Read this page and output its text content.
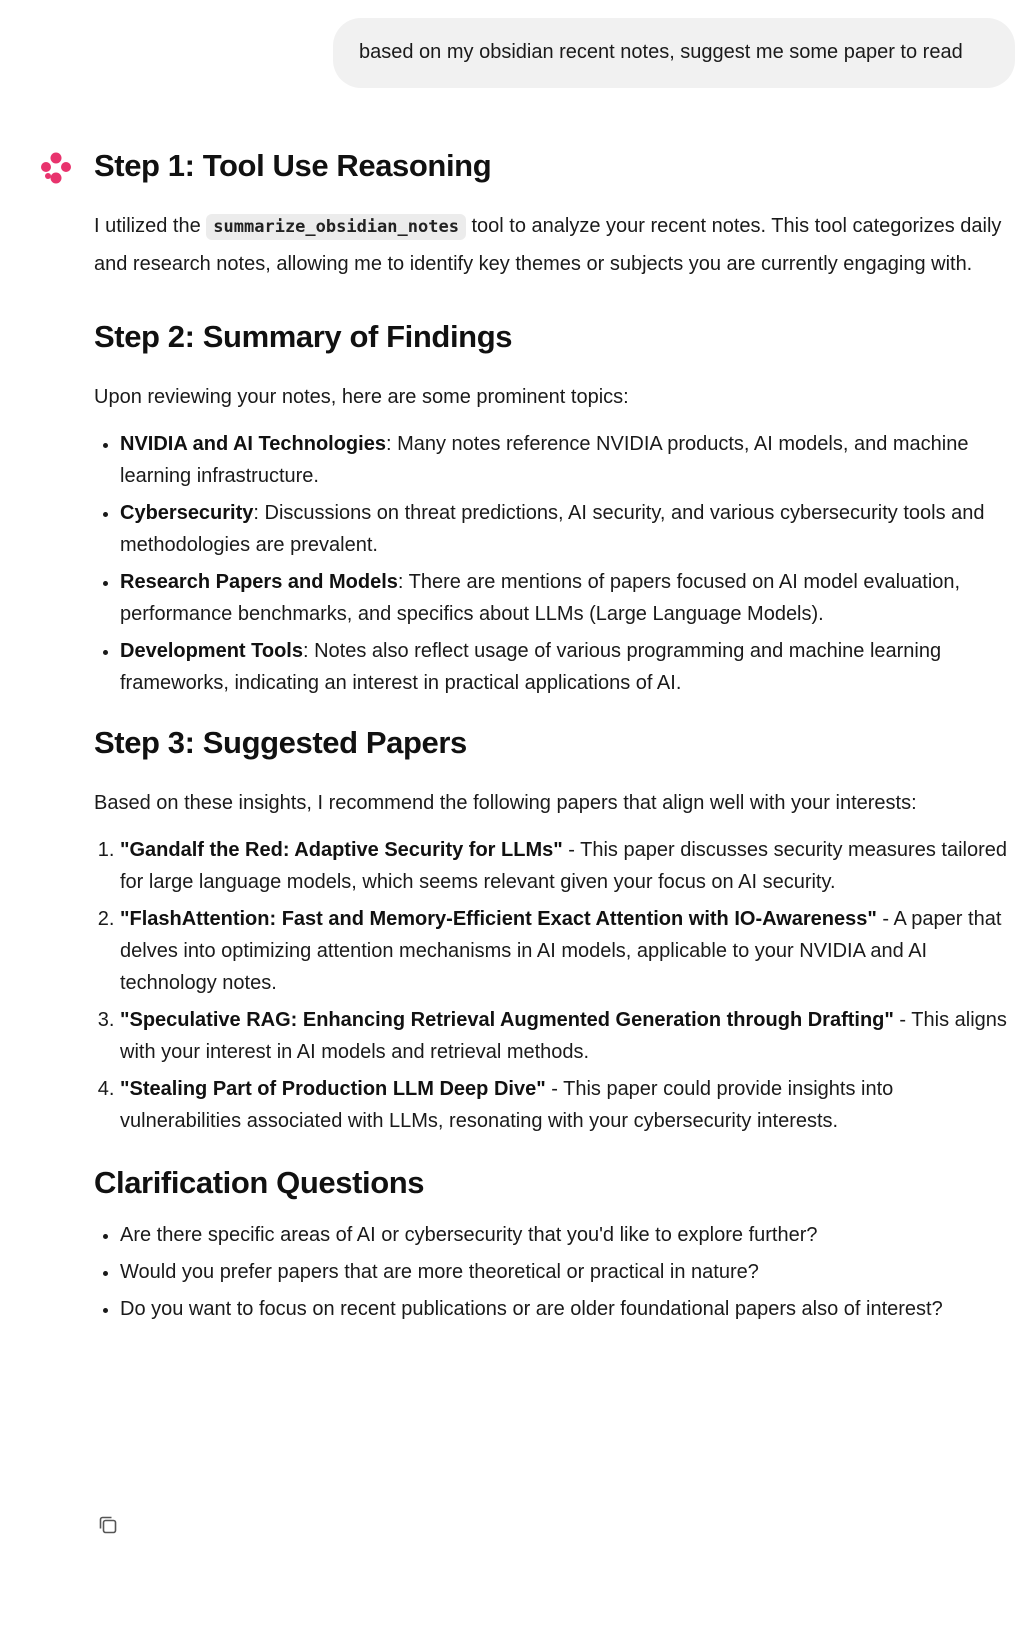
based on my obsidian recent notes, suggest me some paper to read
Step 1: Tool Use Reasoning

I utilized the summarize_obsidian_notes tool to analyze your recent notes. This tool categorizes daily and research notes, allowing me to identify key themes or subjects you are currently engaging with.

Step 2: Summary of Findings

Upon reviewing your notes, here are some prominent topics:

• NVIDIA and AI Technologies: Many notes reference NVIDIA products, AI models, and machine learning infrastructure.
• Cybersecurity: Discussions on threat predictions, AI security, and various cybersecurity tools and methodologies are prevalent.
• Research Papers and Models: There are mentions of papers focused on AI model evaluation, performance benchmarks, and specifics about LLMs (Large Language Models).
• Development Tools: Notes also reflect usage of various programming and machine learning frameworks, indicating an interest in practical applications of AI.
Step 3: Suggested Papers

Based on these insights, I recommend the following papers that align well with your interests:

1. "Gandalf the Red: Adaptive Security for LLMs" - This paper discusses security measures tailored for large language models, which seems relevant given your focus on AI security.
2. "FlashAttention: Fast and Memory-Efficient Exact Attention with IO-Awareness" - A paper that delves into optimizing attention mechanisms in AI models, applicable to your NVIDIA and AI technology notes.
3. "Speculative RAG: Enhancing Retrieval Augmented Generation through Drafting" - This aligns with your interest in AI models and retrieval methods.
4. "Stealing Part of Production LLM Deep Dive" - This paper could provide insights into vulnerabilities associated with LLMs, resonating with your cybersecurity interests.
Clarification Questions
• Are there specific areas of AI or cybersecurity that you'd like to explore further?
• Would you prefer papers that are more theoretical or practical in nature?
• Do you want to focus on recent publications or are older foundational papers also of interest?
